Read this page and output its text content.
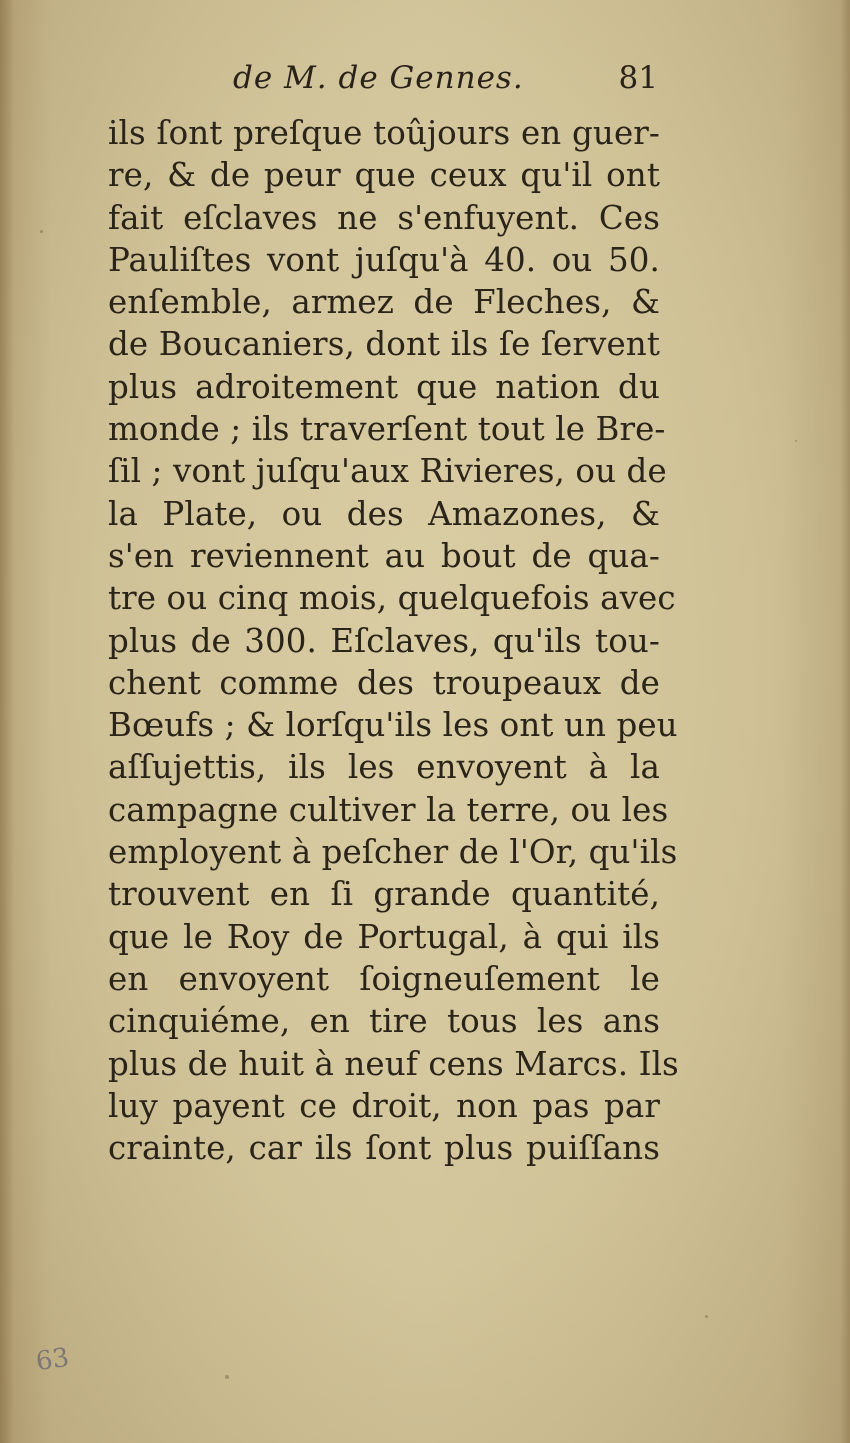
de M. de Gennes.	81
ils ſont preſque toûjours en guer-
re, & de peur que ceux qu'il ont
fait eſclaves ne s'enfuyent. Ces
Pauliſtes vont juſqu'à 40. ou 50.
enſemble, armez de Fleches, &
de Boucaniers, dont ils ſe ſervent
plus adroitement que nation du
monde ; ils traverſent tout le Bre-
ſil ; vont juſqu'aux Rivieres, ou de
la Plate, ou des Amazones, &
s'en reviennent au bout de qua-
tre ou cinq mois, quelquefois avec
plus de 300. Eſclaves, qu'ils tou-
chent comme des troupeaux de
Bœufs ; & lorſqu'ils les ont un peu
aſſujettis, ils les envoyent à la
campagne cultiver la terre, ou les
employent à peſcher de l'Or, qu'ils
trouvent en ſi grande quantité,
que le Roy de Portugal, à qui ils
en envoyent ſoigneuſement le
cinquiéme, en tire tous les ans
plus de huit à neuf cens Marcs. Ils
luy payent ce droit, non pas par
crainte, car ils ſont plus puiſſans
63
